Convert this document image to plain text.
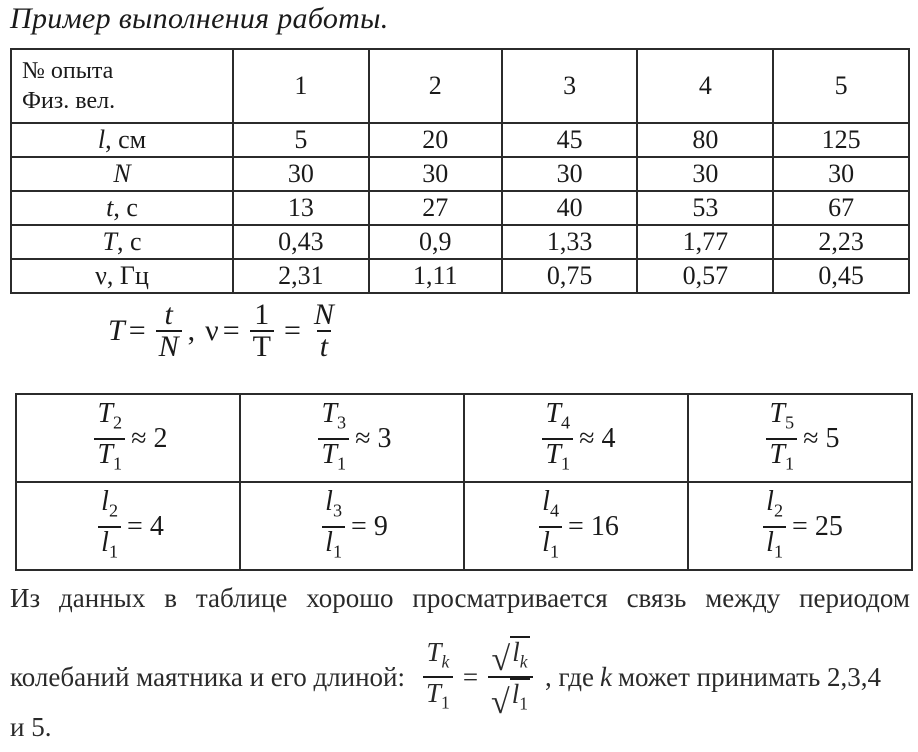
Пример выполнения работы.
№ опыта
Физ. вел.	1	2	3	4	5
l, см	5	20	45	80	125
N	30	30	30	30	30
t, с	13	27	40	53	67
T, с	0,43	0,9	1,33	1,77	2,23
ν, Гц	2,31	1,11	0,75	0,57	0,45
$T = \frac{t}{N}$ , $\nu = \frac{1}{T} = \frac{N}{t}$
$\frac{T_2}{T_1} \approx 2$	$\frac{T_3}{T_1} \approx 3$	$\frac{T_4}{T_1} \approx 4$	$\frac{T_5}{T_1} \approx 5$

$\frac{l_2}{l_1} = 4$	$\frac{l_3}{l_1} = 9$	$\frac{l_4}{l_1} = 16$	$\frac{l_2}{l_1} = 25$
Из данных в таблице хорошо просматривается связь между периодом
колебаний маятника и его длиной: $\frac{T_k}{T_1} = \frac{√ l_k}{√ l_1}$ , где k может принимать 2,3,4
и 5.
